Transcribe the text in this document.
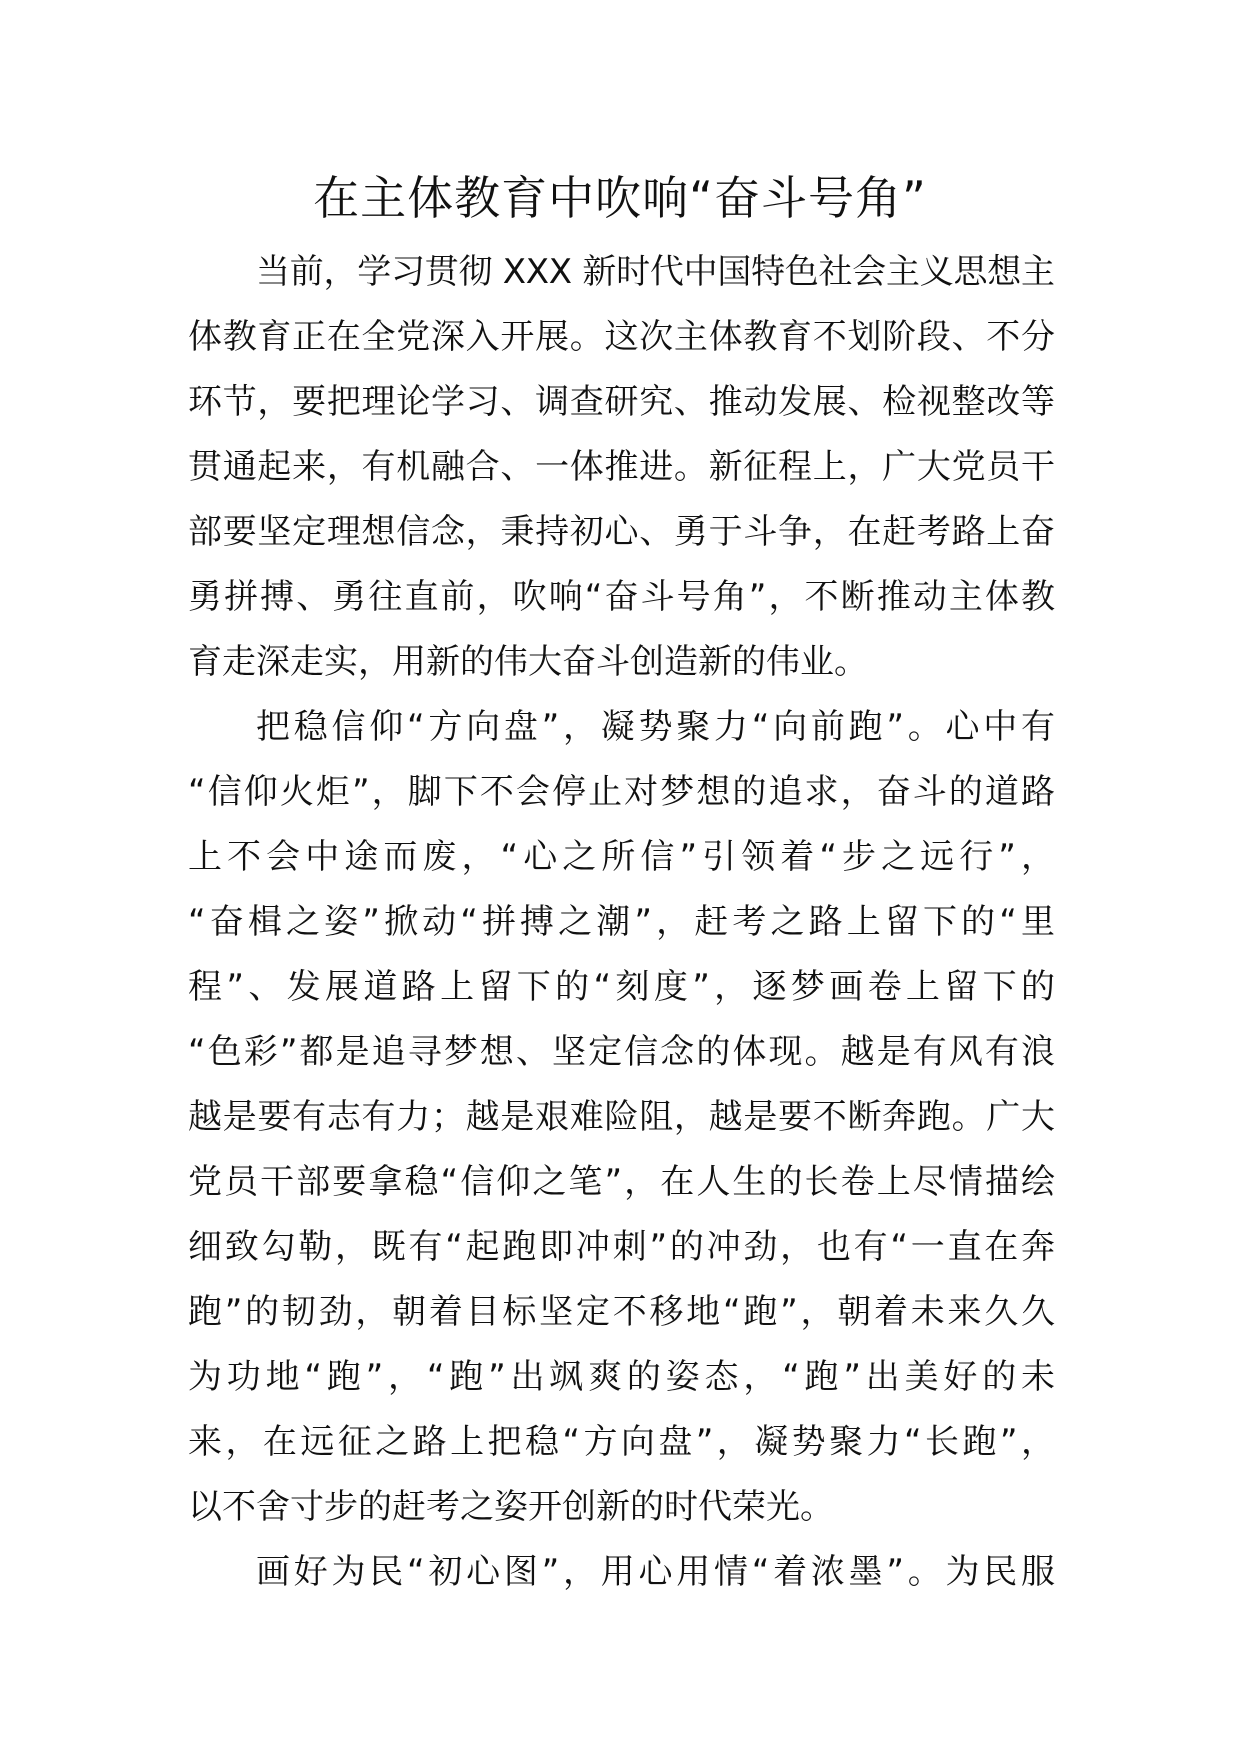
在主体教育中吹响“奋斗号角”

当前，学习贯彻 XXX 新时代中国特色社会主义思想主
体教育正在全党深入开展。这次主体教育不划阶段、不分
环节，要把理论学习、调查研究、推动发展、检视整改等
贯通起来，有机融合、一体推进。新征程上，广大党员干
部要坚定理想信念，秉持初心、勇于斗争，在赶考路上奋
勇拼搏、勇往直前，吹响“奋斗号角”，不断推动主体教
育走深走实，用新的伟大奋斗创造新的伟业。

把稳信仰“方向盘”，凝势聚力“向前跑”。心中有
“信仰火炬”，脚下不会停止对梦想的追求，奋斗的道路
上不会中途而废，“心之所信”引领着“步之远行”，
“奋楫之姿”掀动“拼搏之潮”，赶考之路上留下的“里
程”、发展道路上留下的“刻度”，逐梦画卷上留下的
“色彩”都是追寻梦想、坚定信念的体现。越是有风有浪
越是要有志有力；越是艰难险阻，越是要不断奔跑。广大
党员干部要拿稳“信仰之笔”，在人生的长卷上尽情描绘
细致勾勒，既有“起跑即冲刺”的冲劲，也有“一直在奔
跑”的韧劲，朝着目标坚定不移地“跑”，朝着未来久久
为功地“跑”，“跑”出飒爽的姿态，“跑”出美好的未
来，在远征之路上把稳“方向盘”，凝势聚力“长跑”，
以不舍寸步的赶考之姿开创新的时代荣光。

画好为民“初心图”，用心用情“着浓墨”。为民服
